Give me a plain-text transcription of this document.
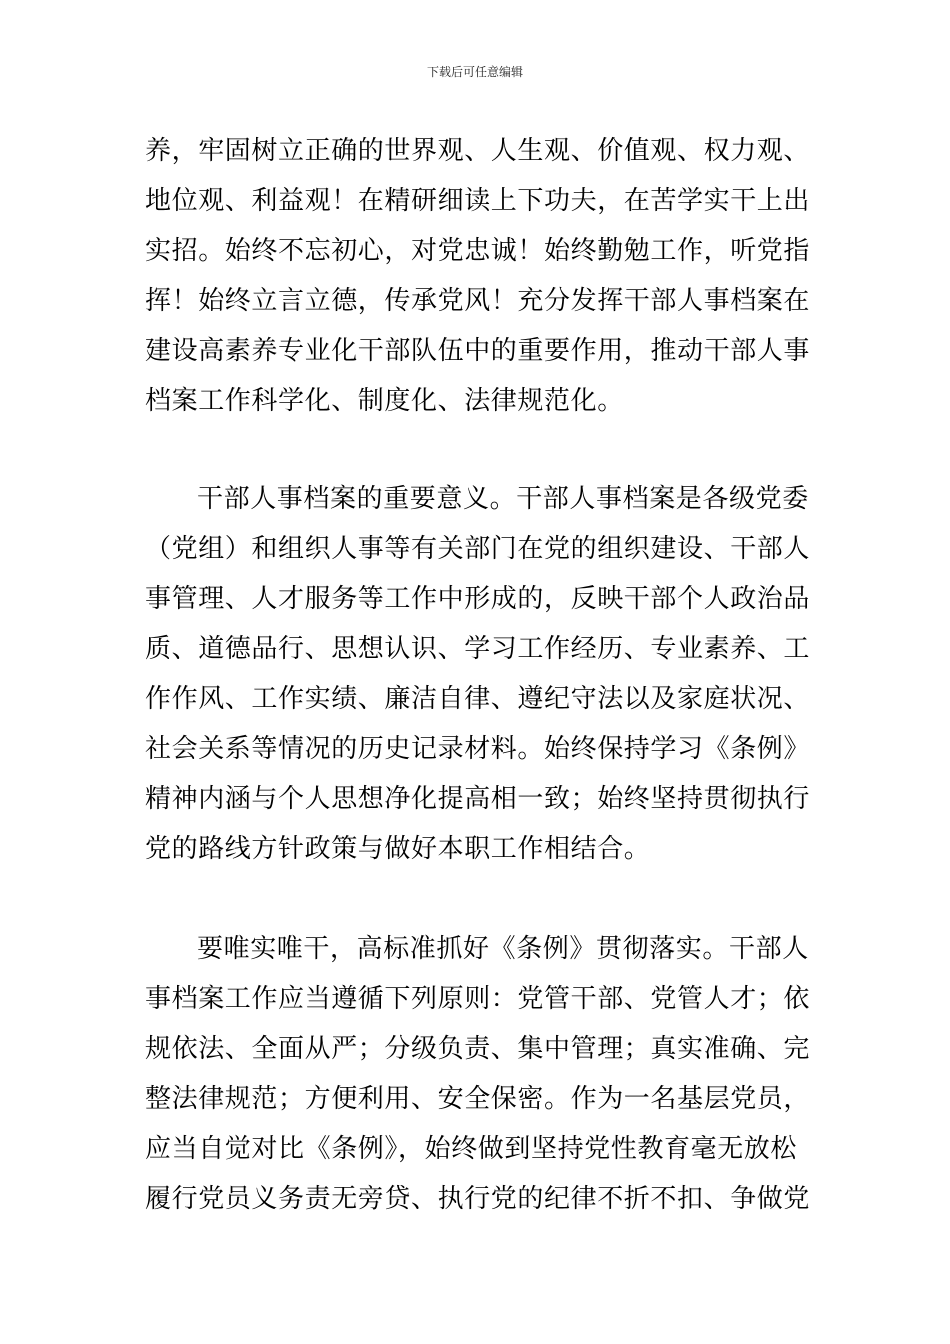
下载后可任意编辑
养，牢固树立正确的世界观、人生观、价值观、权力观、
地位观、利益观！在精研细读上下功夫，在苦学实干上出
实招。始终不忘初心，对党忠诚！始终勤勉工作，听党指
挥！始终立言立德，传承党风！充分发挥干部人事档案在
建设高素养专业化干部队伍中的重要作用，推动干部人事
档案工作科学化、制度化、法律规范化。
干部人事档案的重要意义。干部人事档案是各级党委
（党组）和组织人事等有关部门在党的组织建设、干部人
事管理、人才服务等工作中形成的，反映干部个人政治品
质、道德品行、思想认识、学习工作经历、专业素养、工
作作风、工作实绩、廉洁自律、遵纪守法以及家庭状况、
社会关系等情况的历史记录材料。始终保持学习《条例》
精神内涵与个人思想净化提高相一致；始终坚持贯彻执行
党的路线方针政策与做好本职工作相结合。
要唯实唯干，高标准抓好《条例》贯彻落实。干部人
事档案工作应当遵循下列原则：党管干部、党管人才；依
规依法、全面从严；分级负责、集中管理；真实准确、完
整法律规范；方便利用、安全保密。作为一名基层党员，
应当自觉对比《条例》，始终做到坚持党性教育毫无放松
履行党员义务责无旁贷、执行党的纪律不折不扣、争做党
